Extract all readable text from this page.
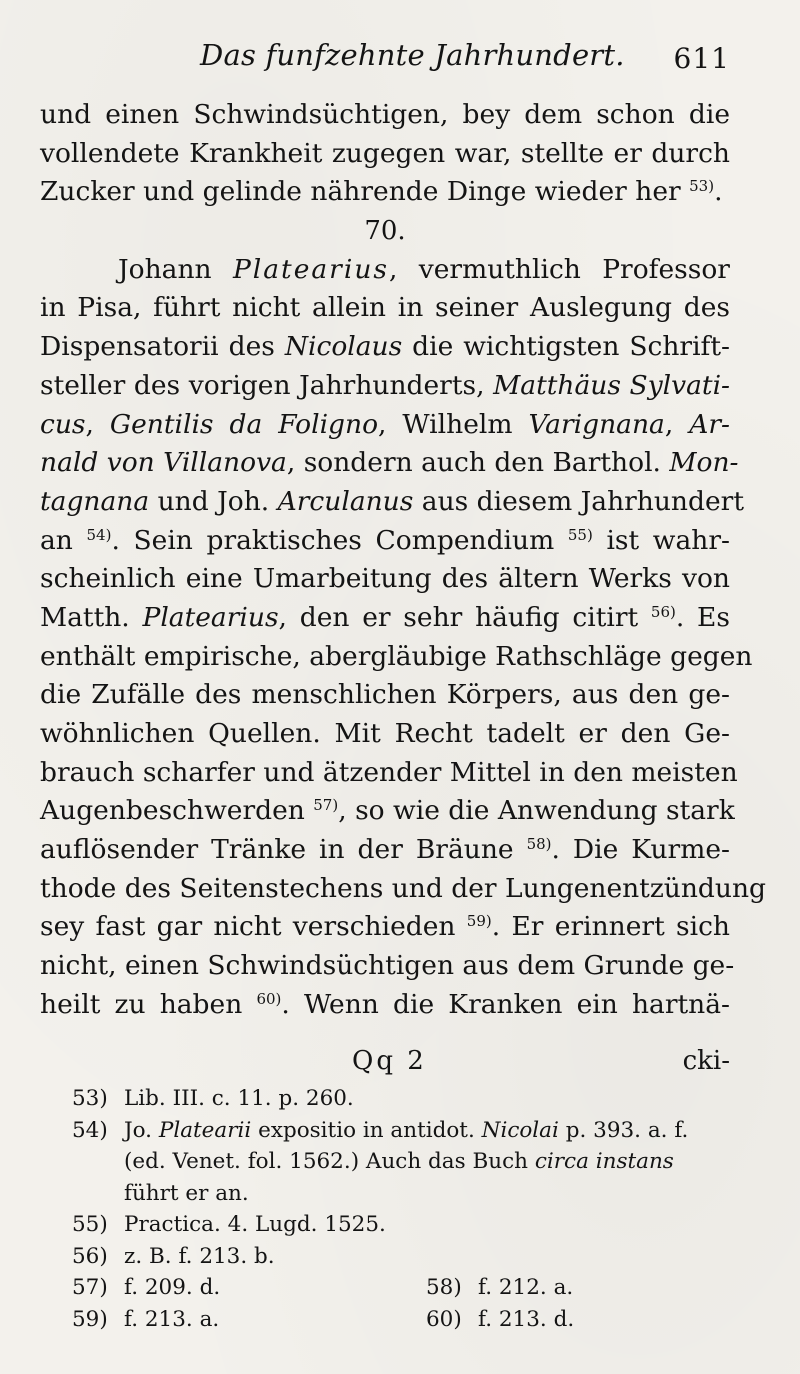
Das funfzehnte Jahrhundert. 611
und einen Schwindsüchtigen, bey dem schon die
vollendete Krankheit zugegen war, stellte er durch
Zucker und gelinde nährende Dinge wieder her $^{53)}$.
70.
Johann Platearius, vermuthlich Professor
in Pisa, führt nicht allein in seiner Auslegung des
Dispensatorii des Nicolaus die wichtigsten Schrift-
steller des vorigen Jahrhunderts, Matthäus Sylvati-
cus, Gentilis da Foligno, Wilhelm Varignana, Ar-
nald von Villanova, sondern auch den Barthol. Mon-
tagnana und Joh. Arculanus aus diesem Jahrhundert
an $^{54)}$. Sein praktisches Compendium $^{55)}$ ist wahr-
scheinlich eine Umarbeitung des ältern Werks von
Matth. Platearius, den er sehr häufig citirt $^{56)}$. Es
enthält empirische, abergläubige Rathschläge gegen
die Zufälle des menschlichen Körpers, aus den ge-
wöhnlichen Quellen. Mit Recht tadelt er den Ge-
brauch scharfer und ätzender Mittel in den meisten
Augenbeschwerden $^{57)}$, so wie die Anwendung stark
auflösender Tränke in der Bräune $^{58)}$. Die Kurme-
thode des Seitenstechens und der Lungenentzündung
sey fast gar nicht verschieden $^{59)}$. Er erinnert sich
nicht, einen Schwindsüchtigen aus dem Grunde ge-
heilt zu haben $^{60)}$. Wenn die Kranken ein hartnä-
Qq 2	cki-
53) Lib. III. c. 11. p. 260.
54) Jo. Platearii expositio in antidot. Nicolai p. 393. a. f.
(ed. Venet. fol. 1562.) Auch das Buch circa instans
führt er an.
55) Practica. 4. Lugd. 1525.
56) z. B. f. 213. b.
57) f. 209. d.	58) f. 212. a.
59) f. 213. a.	60) f. 213. d.
